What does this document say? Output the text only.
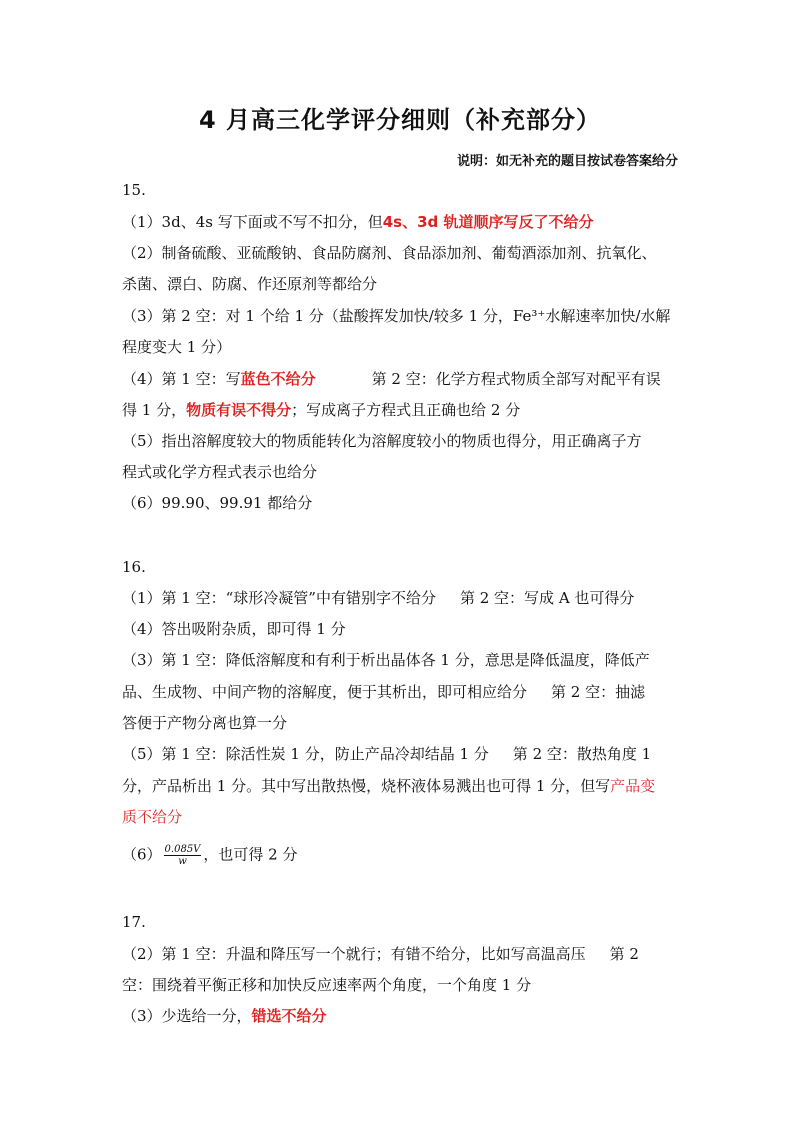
4 月高三化学评分细则（补充部分）
说明：如无补充的题目按试卷答案给分
15.
（1）3d、4s 写下面或不写不扣分，但4s、3d 轨道顺序写反了不给分
（2）制备硫酸、亚硫酸钠、食品防腐剂、食品添加剂、葡萄酒添加剂、抗氧化、
杀菌、漂白、防腐、作还原剂等都给分
（3）第 2 空：对 1 个给 1 分（盐酸挥发加快/较多 1 分，Fe³⁺水解速率加快/水解
程度变大 1 分）
（4）第 1 空：写蓝色不给分	第 2 空：化学方程式物质全部写对配平有误
得 1 分，物质有误不得分；写成离子方程式且正确也给 2 分
（5）指出溶解度较大的物质能转化为溶解度较小的物质也得分，用正确离子方
程式或化学方程式表示也给分
（6）99.90、99.91 都给分
16.
（1）第 1 空：“球形冷凝管”中有错别字不给分 第 2 空：写成 A 也可得分
（4）答出吸附杂质，即可得 1 分
（3）第 1 空：降低溶解度和有利于析出晶体各 1 分，意思是降低温度，降低产
品、生成物、中间产物的溶解度，便于其析出，即可相应给分 第 2 空：抽滤
答便于产物分离也算一分
（5）第 1 空：除活性炭 1 分，防止产品冷却结晶 1 分 第 2 空：散热角度 1
分，产品析出 1 分。其中写出散热慢，烧杯液体易溅出也可得 1 分，但写产品变
质不给分
$(6) \frac{0.085V}{w}$ ，也可得 2 分
17.
（2）第 1 空：升温和降压写一个就行；有错不给分，比如写高温高压 第 2
空：围绕着平衡正移和加快反应速率两个角度，一个角度 1 分
（3）少选给一分，错选不给分
